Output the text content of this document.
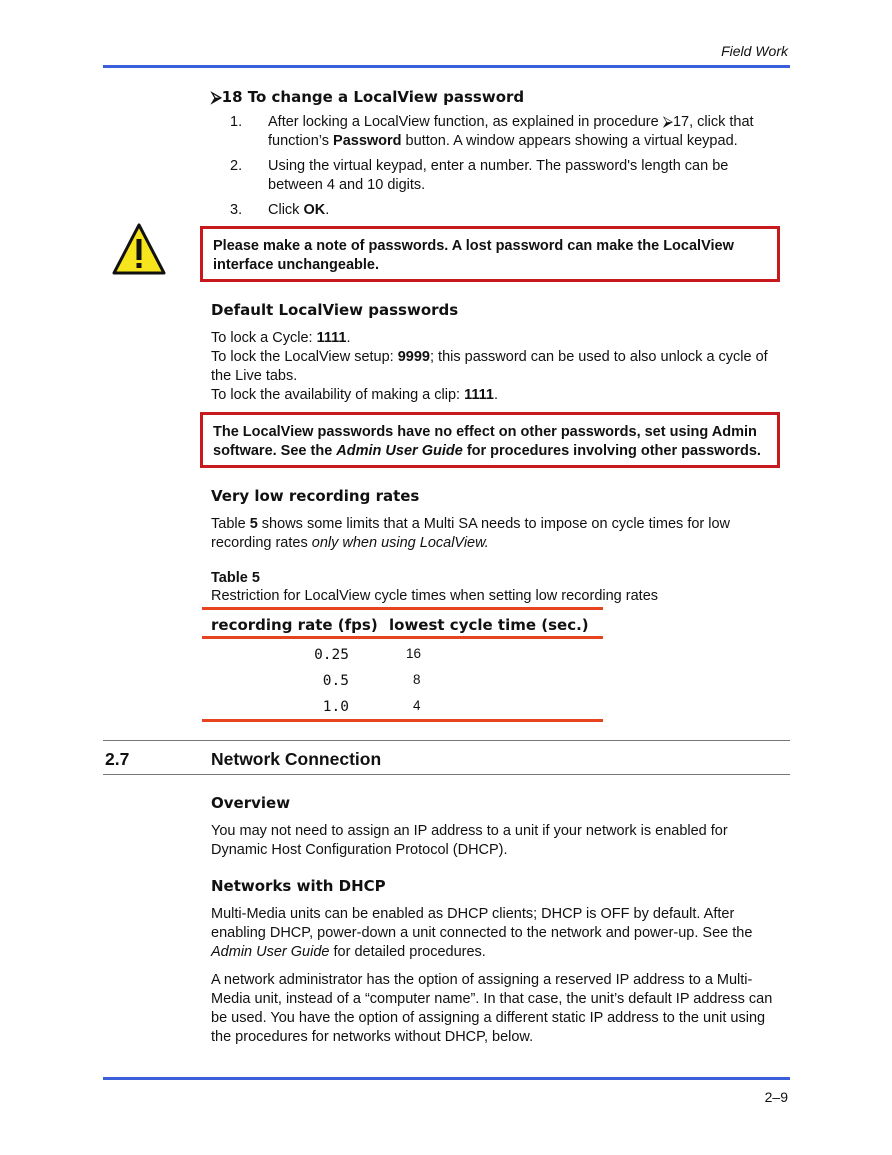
Field Work
⮚18 To change a LocalView password
1. After locking a LocalView function, as explained in procedure ⮚17, click that function’s Password button. A window appears showing a virtual keypad.
2. Using the virtual keypad, enter a number. The password's length can be between 4 and 10 digits.
3. Click OK.
Please make a note of passwords. A lost password can make the LocalView interface unchangeable.
Default LocalView passwords
To lock a Cycle: 1111.
To lock the LocalView setup: 9999; this password can be used to also unlock a cycle of the Live tabs.
To lock the availability of making a clip: 1111.
The LocalView passwords have no effect on other passwords, set using Admin software. See the Admin User Guide for procedures involving other passwords.
Very low recording rates
Table 5 shows some limits that a Multi SA needs to impose on cycle times for low recording rates only when using LocalView.
Table 5
Restriction for LocalView cycle times when setting low recording rates
recording rate (fps) lowest cycle time (sec.)
0.25	16
0.5	8
1.0	4
2.7	Network Connection
Overview
You may not need to assign an IP address to a unit if your network is enabled for Dynamic Host Configuration Protocol (DHCP).
Networks with DHCP
Multi-Media units can be enabled as DHCP clients; DHCP is OFF by default. After enabling DHCP, power-down a unit connected to the network and power-up. See the Admin User Guide for detailed procedures.
A network administrator has the option of assigning a reserved IP address to a Multi-Media unit, instead of a “computer name”. In that case, the unit’s default IP address can be used. You have the option of assigning a different static IP address to the unit using the procedures for networks without DHCP, below.
2–9
